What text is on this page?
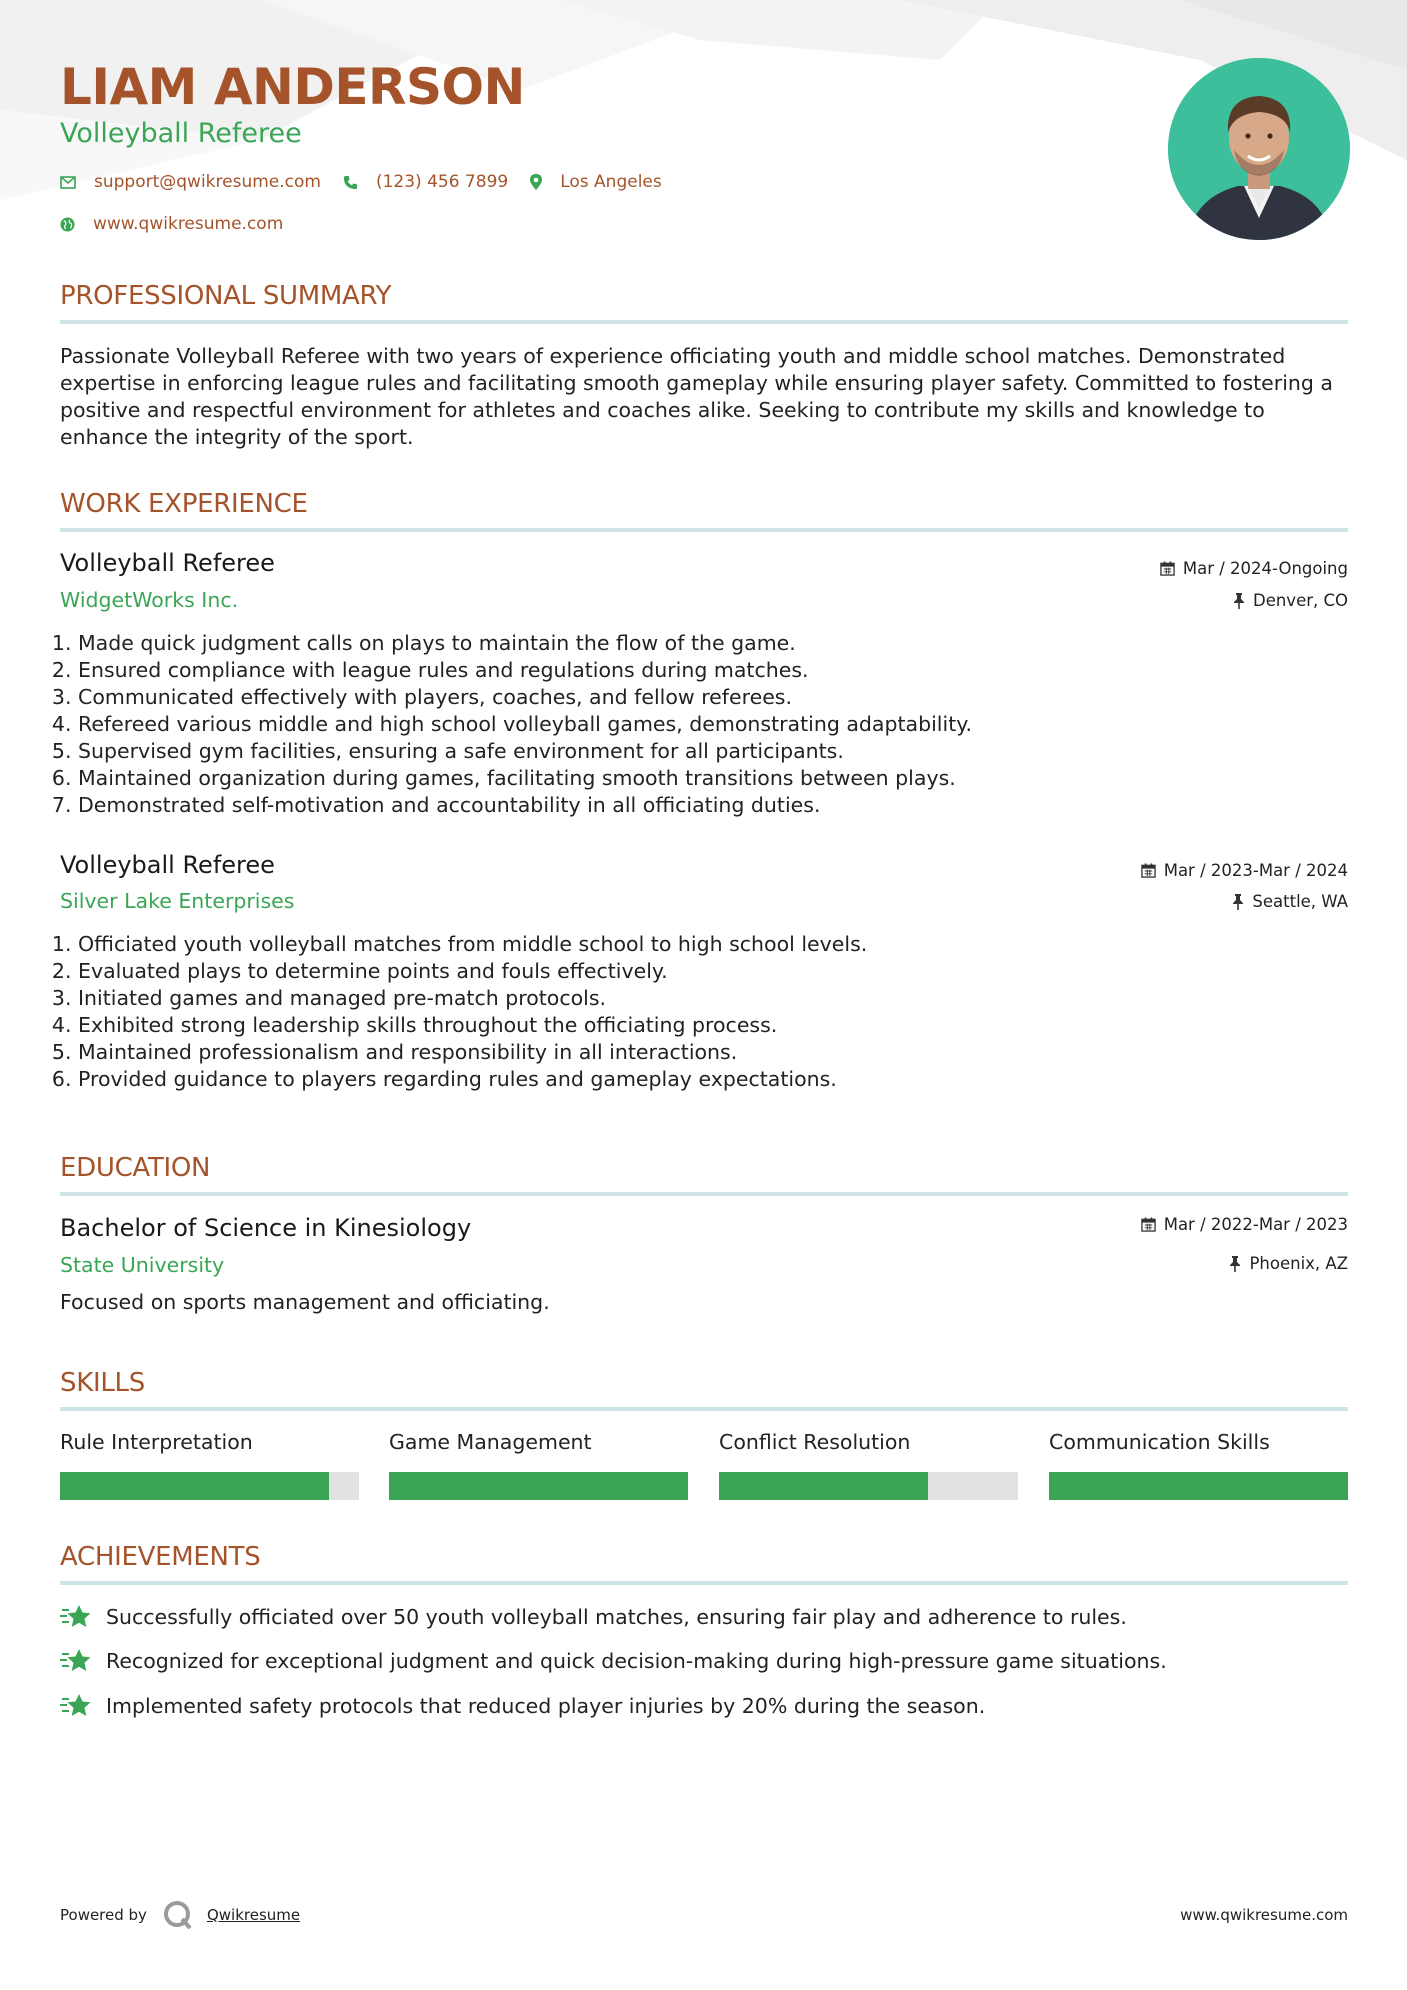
LIAM ANDERSON
Volleyball Referee
support@qwikresume.com	(123) 456 7899	Los Angeles
www.qwikresume.com
PROFESSIONAL SUMMARY
Passionate Volleyball Referee with two years of experience officiating youth and middle school matches. Demonstrated expertise in enforcing league rules and facilitating smooth gameplay while ensuring player safety. Committed to fostering a positive and respectful environment for athletes and coaches alike. Seeking to contribute my skills and knowledge to enhance the integrity of the sport.
WORK EXPERIENCE
Volleyball Referee
WidgetWorks Inc.
Mar / 2024-Ongoing
Denver, CO
1. Made quick judgment calls on plays to maintain the flow of the game.
2. Ensured compliance with league rules and regulations during matches.
3. Communicated effectively with players, coaches, and fellow referees.
4. Refereed various middle and high school volleyball games, demonstrating adaptability.
5. Supervised gym facilities, ensuring a safe environment for all participants.
6. Maintained organization during games, facilitating smooth transitions between plays.
7. Demonstrated self-motivation and accountability in all officiating duties.
Volleyball Referee
Silver Lake Enterprises
Mar / 2023-Mar / 2024
Seattle, WA
1. Officiated youth volleyball matches from middle school to high school levels.
2. Evaluated plays to determine points and fouls effectively.
3. Initiated games and managed pre-match protocols.
4. Exhibited strong leadership skills throughout the officiating process.
5. Maintained professionalism and responsibility in all interactions.
6. Provided guidance to players regarding rules and gameplay expectations.
EDUCATION
Bachelor of Science in Kinesiology
State University
Mar / 2022-Mar / 2023
Phoenix, AZ
Focused on sports management and officiating.
SKILLS
Rule Interpretation	Game Management	Conflict Resolution	Communication Skills
ACHIEVEMENTS
Successfully officiated over 50 youth volleyball matches, ensuring fair play and adherence to rules.
Recognized for exceptional judgment and quick decision-making during high-pressure game situations.
Implemented safety protocols that reduced player injuries by 20% during the season.
Powered by	Qwikresume	www.qwikresume.com
